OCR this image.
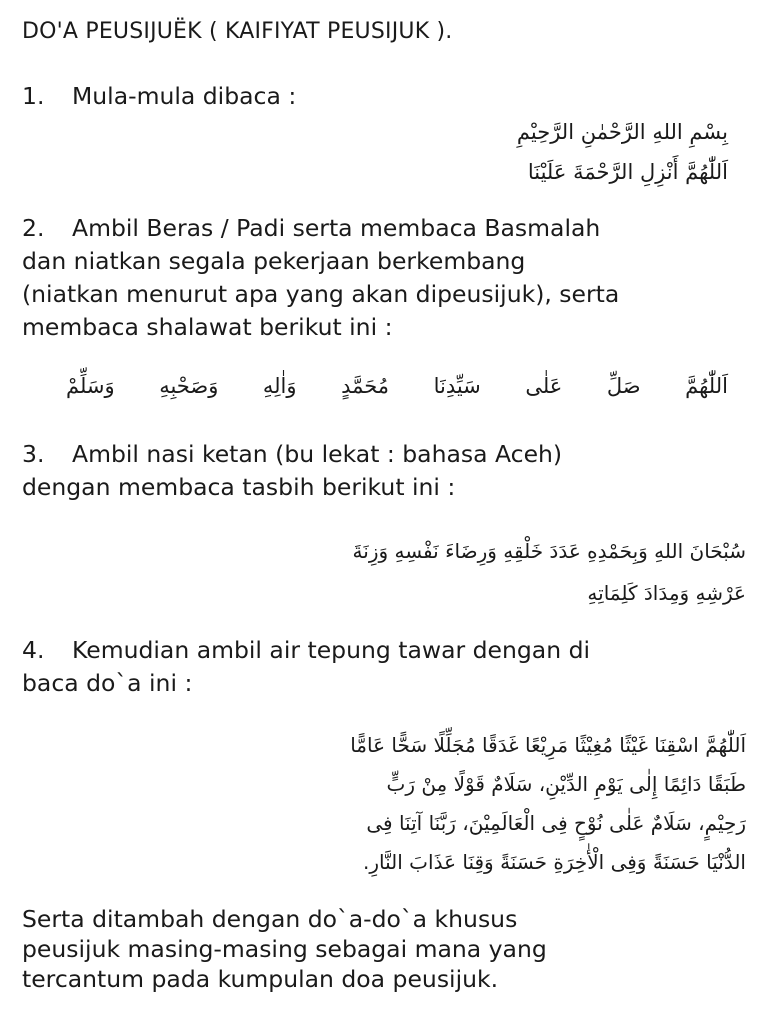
DO'A PEUSIJUËK ( KAIFIYAT PEUSIJUK ).
1. Mula-mula dibaca :
بِسْمِ اللهِ الرَّحْمٰنِ الرَّحِيْمِ
اَللّٰهُمَّ أَنْزِلِ الرَّحْمَةَ عَلَيْنَا
2. Ambil Beras / Padi serta membaca Basmalah
dan niatkan segala pekerjaan berkembang
(niatkan menurut apa yang akan dipeusijuk), serta
membaca shalawat berikut ini :
اَللّٰهُمَّ صَلِّ عَلٰى سَيِّدِنَا مُحَمَّدٍ وَاٰلِهِ وَصَحْبِهِ وَسَلِّمْ
3. Ambil nasi ketan (bu lekat : bahasa Aceh)
dengan membaca tasbih berikut ini :
سُبْحَانَ اللهِ وَبِحَمْدِهِ عَدَدَ خَلْقِهِ وَرِضَاءَ نَفْسِهِ وَزِنَةَ
عَرْشِهِ وَمِدَادَ كَلِمَاتِهِ
4. Kemudian ambil air tepung tawar dengan di
baca do`a ini :
اَللّٰهُمَّ اسْقِنَا غَيْثًا مُغِيْثًا مَرِيْعًا غَدَقًا مُجَلِّلًا سَحًّا عَامًّا
طَبَقًا دَائِمًا إِلٰى يَوْمِ الدِّيْنِ، سَلَامٌ قَوْلًا مِنْ رَبٍّ
رَحِيْمٍ، سَلَامٌ عَلٰى نُوْحٍ فِى الْعَالَمِيْنَ، رَبَّنَا آتِنَا فِى
الدُّنْيَا حَسَنَةً وَفِى الْأٰخِرَةِ حَسَنَةً وَقِنَا عَذَابَ النَّارِ.
Serta ditambah dengan do`a-do`a khusus
peusijuk masing-masing sebagai mana yang
tercantum pada kumpulan doa peusijuk.
